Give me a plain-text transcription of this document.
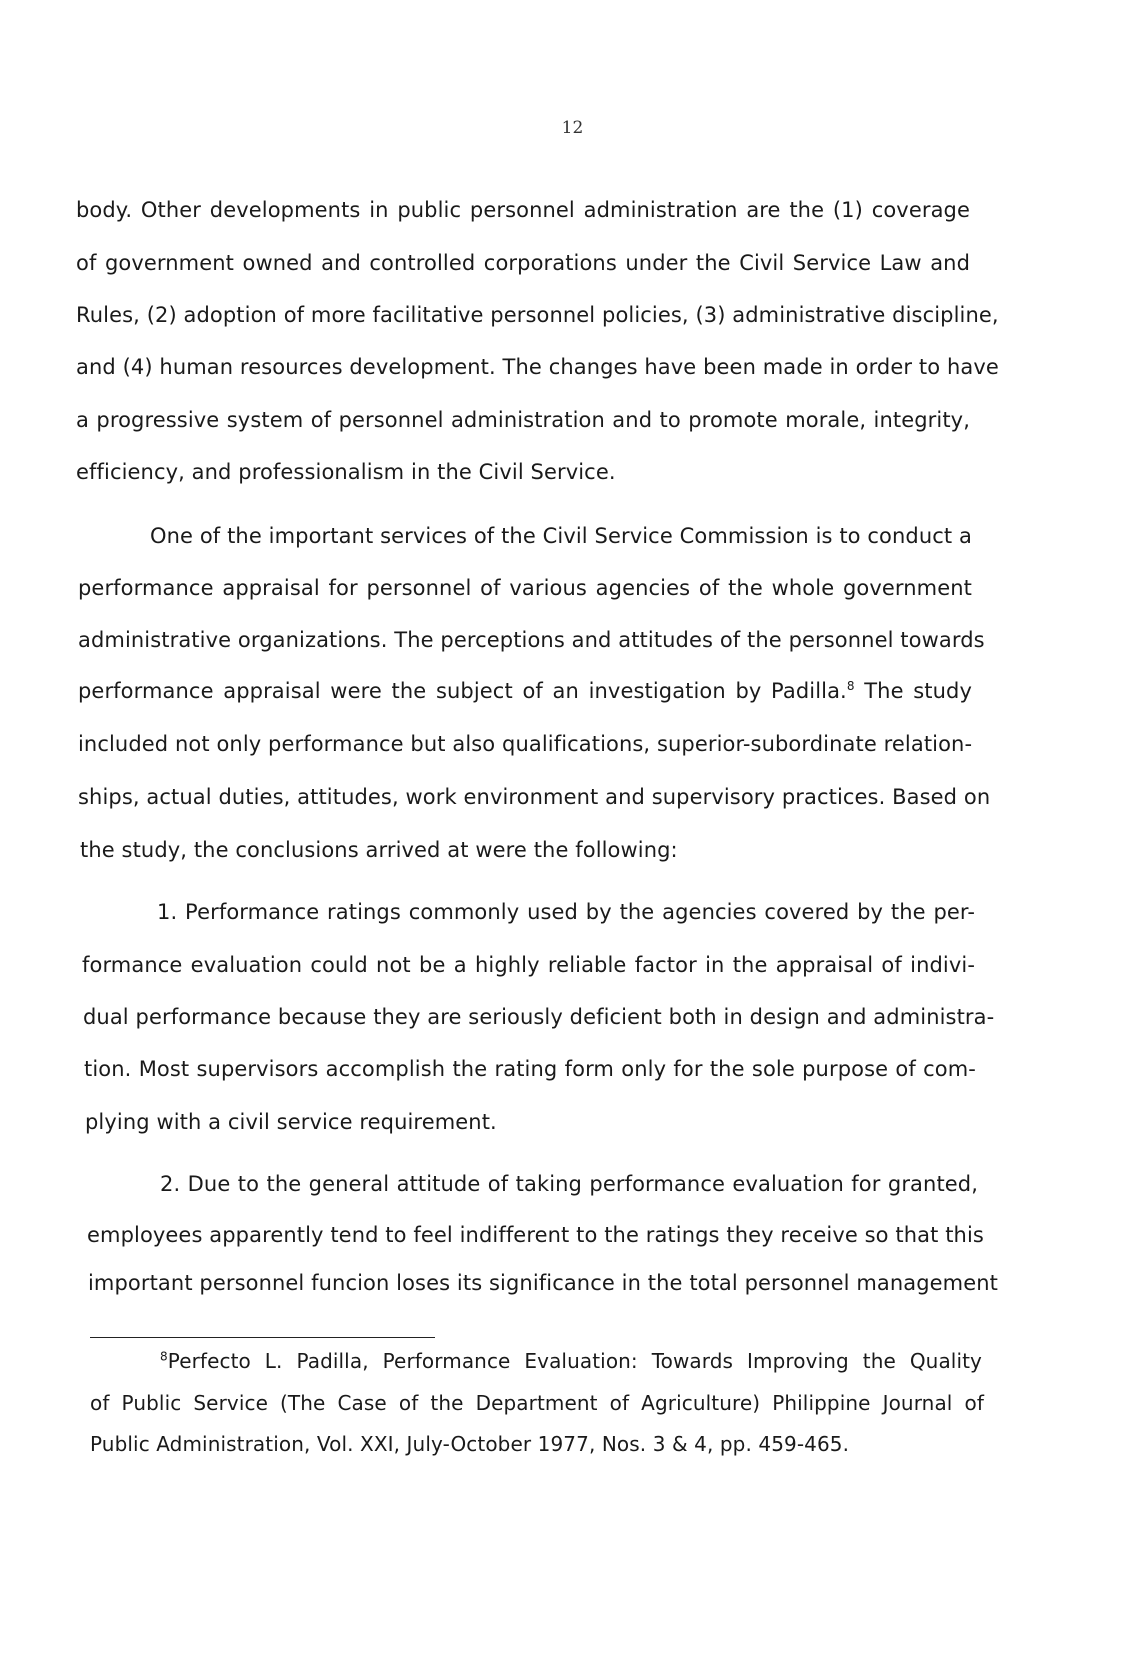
12
body. Other developments in public personnel administration are the (1) coverage
of government owned and controlled corporations under the Civil Service Law and
Rules, (2) adoption of more facilitative personnel policies, (3) administrative discipline,
and (4) human resources development. The changes have been made in order to have
a progressive system of personnel administration and to promote morale, integrity,
efficiency, and professionalism in the Civil Service.
One of the important services of the Civil Service Commission is to conduct a
performance appraisal for personnel of various agencies of the whole government
administrative organizations. The perceptions and attitudes of the personnel towards
performance appraisal were the subject of an investigation by Padilla.$^8$ The study
included not only performance but also qualifications, superior-subordinate relation-
ships, actual duties, attitudes, work environment and supervisory practices. Based on
the study, the conclusions arrived at were the following:
1. Performance ratings commonly used by the agencies covered by the per-
formance evaluation could not be a highly reliable factor in the appraisal of indivi-
dual performance because they are seriously deficient both in design and administra-
tion. Most supervisors accomplish the rating form only for the sole purpose of com-
plying with a civil service requirement.
2. Due to the general attitude of taking performance evaluation for granted,
employees apparently tend to feel indifferent to the ratings they receive so that this
important personnel funcion loses its significance in the total personnel management
$^8$Perfecto L. Padilla, Performance Evaluation: Towards Improving the Quality
of Public Service (The Case of the Department of Agriculture) Philippine Journal of
Public Administration, Vol. XXI, July-October 1977, Nos. 3 & 4, pp. 459-465.
